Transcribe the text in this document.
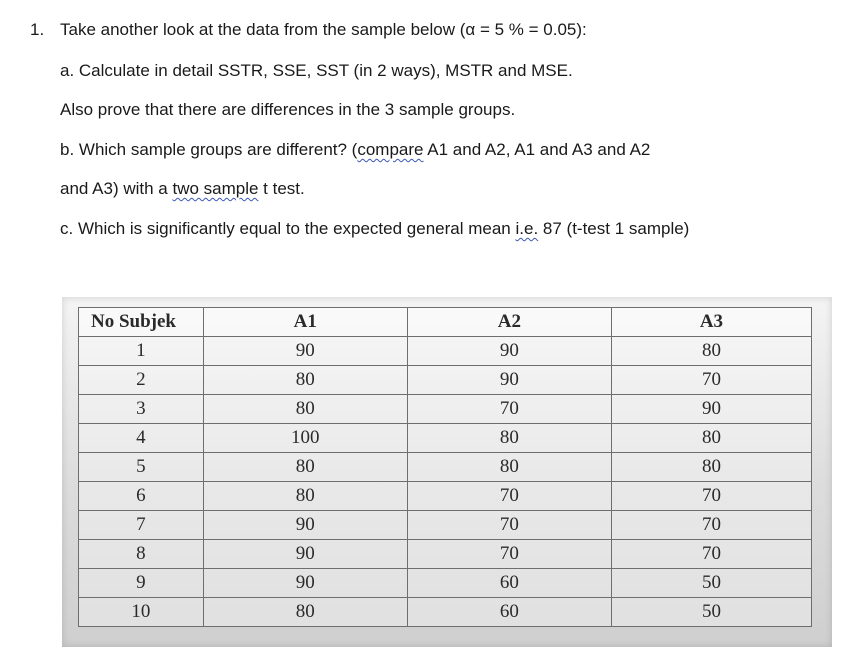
1. Take another look at the data from the sample below (α = 5 % = 0.05):
a. Calculate in detail SSTR, SSE, SST (in 2 ways), MSTR and MSE.
Also prove that there are differences in the 3 sample groups.
b. Which sample groups are different? (compare A1 and A2, A1 and A3 and A2
and A3) with a two sample t test.
c. Which is significantly equal to the expected general mean i.e. 87 (t-test 1 sample)
No Subjek	A1	A2	A3
1	90	90	80
2	80	90	70
3	80	70	90
4	100	80	80
5	80	80	80
6	80	70	70
7	90	70	70
8	90	70	70
9	90	60	50
10	80	60	50
